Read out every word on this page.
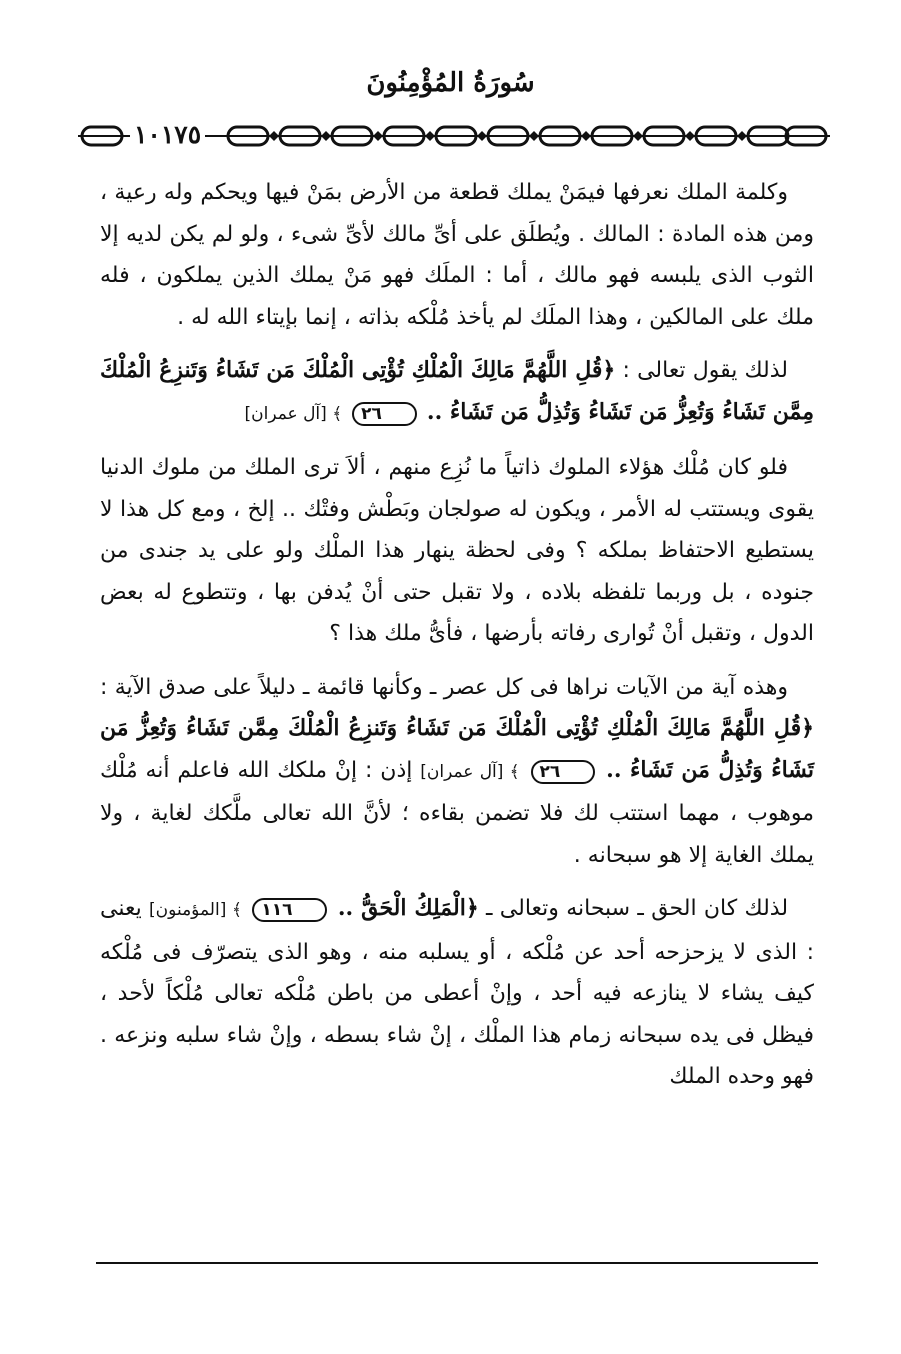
سُورَةُ المُؤْمِنُونَ
١٠١٧٥

وكلمة الملك نعرفها فيمَنْ يملك قطعة من الأرض بمَنْ فيها ويحكم وله رعية ، ومن هذه المادة : المالك . ويُطلَق على أىِّ مالك لأىِّ شىء ، ولو لم يكن لديه إلا الثوب الذى يلبسه فهو مالك ، أما : الملَك فهو مَنْ يملك الذين يملكون ، فله ملك على المالكين ، وهذا الملَك لم يأخذ مُلْكه بذاته ، إنما بإيتاء الله له .

لذلك يقول تعالى : ﴿قُلِ اللَّهُمَّ مَالِكَ الْمُلْكِ تُؤْتِى الْمُلْكَ مَن تَشَاءُ وَتَنزِعُ الْمُلْكَ مِمَّن تَشَاءُ وَتُعِزُّ مَن تَشَاءُ وَتُذِلُّ مَن تَشَاءُ .. ٢٦ ﴾ [آل عمران]

فلو كان مُلْك هؤلاء الملوك ذاتياً ما نُزِع منهم ، ألاَ ترى الملك من ملوك الدنيا يقوى ويستتب له الأمر ، ويكون له صولجان وبَطْش وفتْك .. إلخ ، ومع كل هذا لا يستطيع الاحتفاظ بملكه ؟ وفى لحظة ينهار هذا الملْك ولو على يد جندى من جنوده ، بل وربما تلفظه بلاده ، ولا تقبل حتى أنْ يُدفن بها ، وتتطوع له بعض الدول ، وتقبل أنْ تُوارى رفاته بأرضها ، فأىُّ ملك هذا ؟

وهذه آية من الآيات نراها فى كل عصر ـ وكأنها قائمة ـ دليلاً على صدق الآية : ﴿قُلِ اللَّهُمَّ مَالِكَ الْمُلْكِ تُؤْتِى الْمُلْكَ مَن تَشَاءُ وَتَنزِعُ الْمُلْكَ مِمَّن تَشَاءُ وَتُعِزُّ مَن تَشَاءُ وَتُذِلُّ مَن تَشَاءُ .. ٢٦ ﴾ [آل عمران] إذن : إنْ ملكك الله فاعلم أنه مُلْك موهوب ، مهما استتب لك فلا تضمن بقاءه ؛ لأنَّ الله تعالى ملَّكك لغاية ، ولا يملك الغاية إلا هو سبحانه .

لذلك كان الحق ـ سبحانه وتعالى ـ ﴿الْمَلِكُ الْحَقُّ .. ١١٦ ﴾ [المؤمنون] يعنى : الذى لا يزحزحه أحد عن مُلْكه ، أو يسلبه منه ، وهو الذى يتصرّف فى مُلْكه كيف يشاء لا ينازعه فيه أحد ، وإنْ أعطى من باطن مُلْكه تعالى مُلْكاً لأحد ، فيظل فى يده سبحانه زمام هذا الملْك ، إنْ شاء بسطه ، وإنْ شاء سلبه ونزعه . فهو وحده الملك
